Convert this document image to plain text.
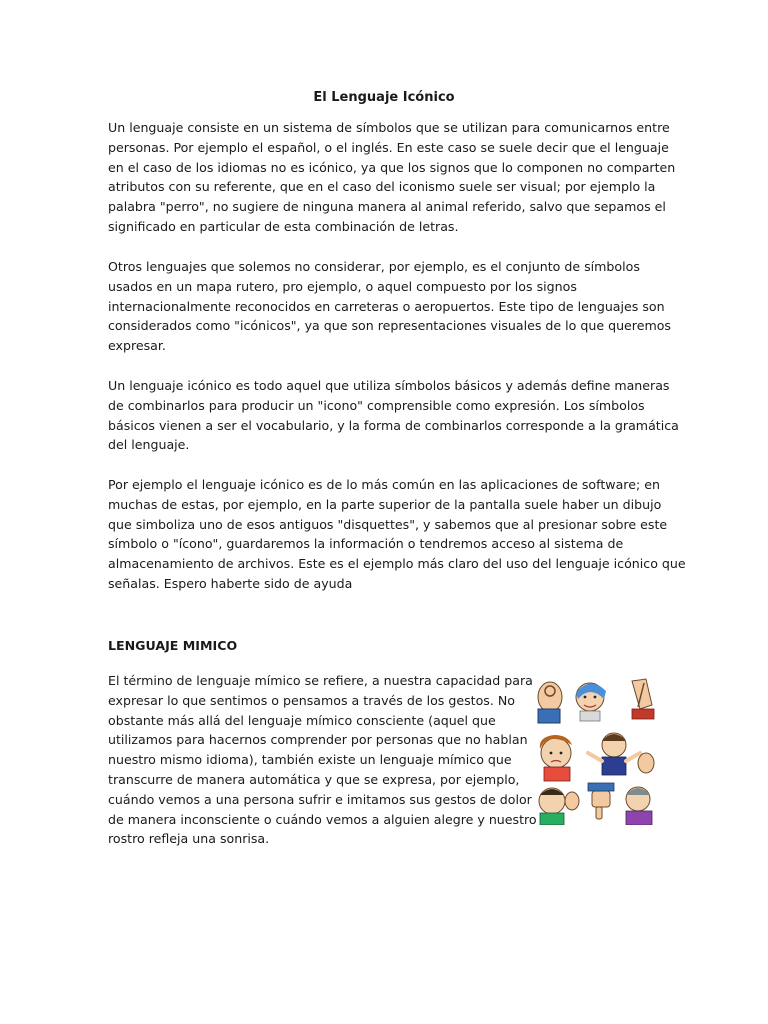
El Lenguaje Icónico

Un lenguaje consiste en un sistema de símbolos que se utilizan para comunicarnos entre
personas. Por ejemplo el español, o el inglés. En este caso se suele decir que el lenguaje
en el caso de los idiomas no es icónico, ya que los signos que lo componen no comparten
atributos con su referente, que en el caso del iconismo suele ser visual; por ejemplo la
palabra "perro", no sugiere de ninguna manera al animal referido, salvo que sepamos el
significado en particular de esta combinación de letras.

Otros lenguajes que solemos no considerar, por ejemplo, es el conjunto de símbolos
usados en un mapa rutero, pro ejemplo, o aquel compuesto por los signos
internacionalmente reconocidos en carreteras o aeropuertos. Este tipo de lenguajes son
considerados como "icónicos", ya que son representaciones visuales de lo que queremos
expresar.

Un lenguaje icónico es todo aquel que utiliza símbolos básicos y además define maneras
de combinarlos para producir un "icono" comprensible como expresión. Los símbolos
básicos vienen a ser el vocabulario, y la forma de combinarlos corresponde a la gramática
del lenguaje.

Por ejemplo el lenguaje icónico es de lo más común en las aplicaciones de software; en
muchas de estas, por ejemplo, en la parte superior de la pantalla suele haber un dibujo
que simboliza uno de esos antiguos "disquettes", y sabemos que al presionar sobre este
símbolo o "ícono", guardaremos la información o tendremos acceso al sistema de
almacenamiento de archivos. Este es el ejemplo más claro del uso del lenguaje icónico que
señalas. Espero haberte sido de ayuda

LENGUAJE MIMICO

El término de lenguaje mímico se refiere, a nuestra capacidad para
expresar lo que sentimos o pensamos a través de los gestos. No
obstante más allá del lenguaje mímico consciente (aquel que
utilizamos para hacernos comprender por personas que no hablan
nuestro mismo idioma), también existe un lenguaje mímico que
transcurre de manera automática y que se expresa, por ejemplo,
cuándo vemos a una persona sufrir e imitamos sus gestos de dolor
de manera inconsciente o cuándo vemos a alguien alegre y nuestro
rostro refleja una sonrisa.
